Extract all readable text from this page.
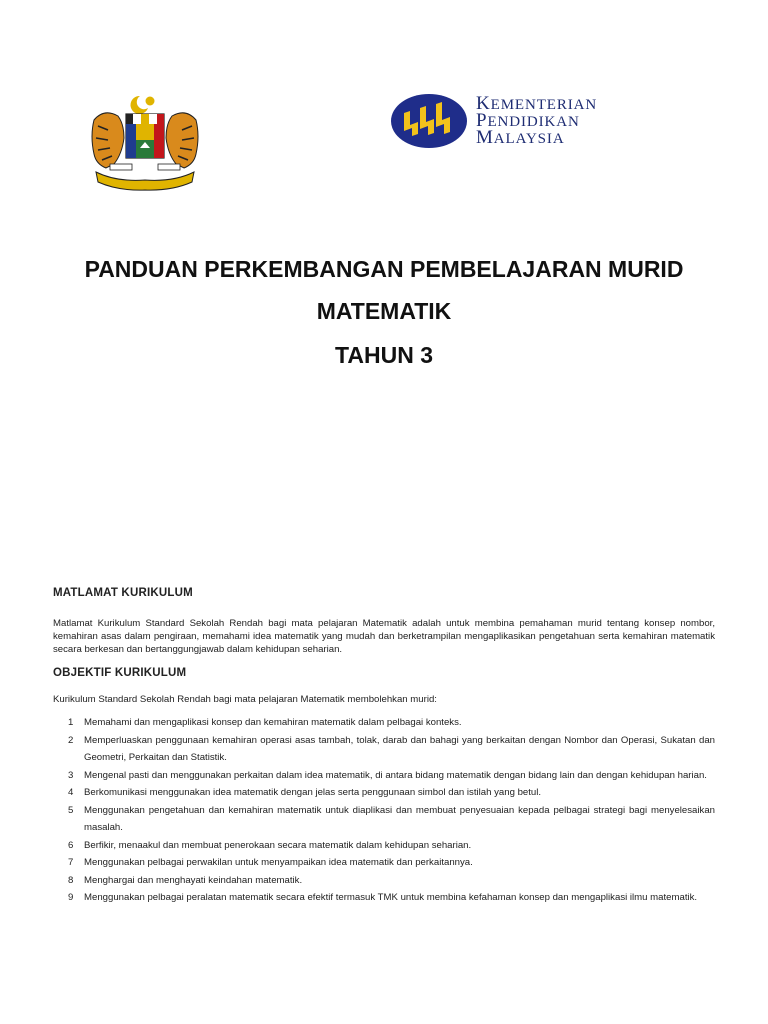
KEMENTERIAN
PENDIDIKAN
MALAYSIA
PANDUAN PERKEMBANGAN PEMBELAJARAN MURID
MATEMATIK
TAHUN 3
MATLAMAT KURIKULUM

Matlamat Kurikulum Standard Sekolah Rendah bagi mata pelajaran Matematik adalah untuk membina pemahaman murid tentang konsep nombor, kemahiran asas dalam pengiraan, memahami idea matematik yang mudah dan berketrampilan mengaplikasikan pengetahuan serta kemahiran matematik secara berkesan dan bertanggungjawab dalam kehidupan seharian.

OBJEKTIF KURIKULUM

Kurikulum Standard Sekolah Rendah bagi mata pelajaran Matematik membolehkan murid:

1 Memahami dan mengaplikasi konsep dan kemahiran matematik dalam pelbagai konteks.
2 Memperluaskan penggunaan kemahiran operasi asas tambah, tolak, darab dan bahagi yang berkaitan dengan Nombor dan Operasi, Sukatan dan Geometri, Perkaitan dan Statistik.
3 Mengenal pasti dan menggunakan perkaitan dalam idea matematik, di antara bidang matematik dengan bidang lain dan dengan kehidupan harian.
4 Berkomunikasi menggunakan idea matematik dengan jelas serta penggunaan simbol dan istilah yang betul.
5 Menggunakan pengetahuan dan kemahiran matematik untuk diaplikasi dan membuat penyesuaian kepada pelbagai strategi bagi menyelesaikan masalah.
6 Berfikir, menaakul dan membuat penerokaan secara matematik dalam kehidupan seharian.
7 Menggunakan pelbagai perwakilan untuk menyampaikan idea matematik dan perkaitannya.
8 Menghargai dan menghayati keindahan matematik.
9 Menggunakan pelbagai peralatan matematik secara efektif termasuk TMK untuk membina kefahaman konsep dan mengaplikasi ilmu matematik.
